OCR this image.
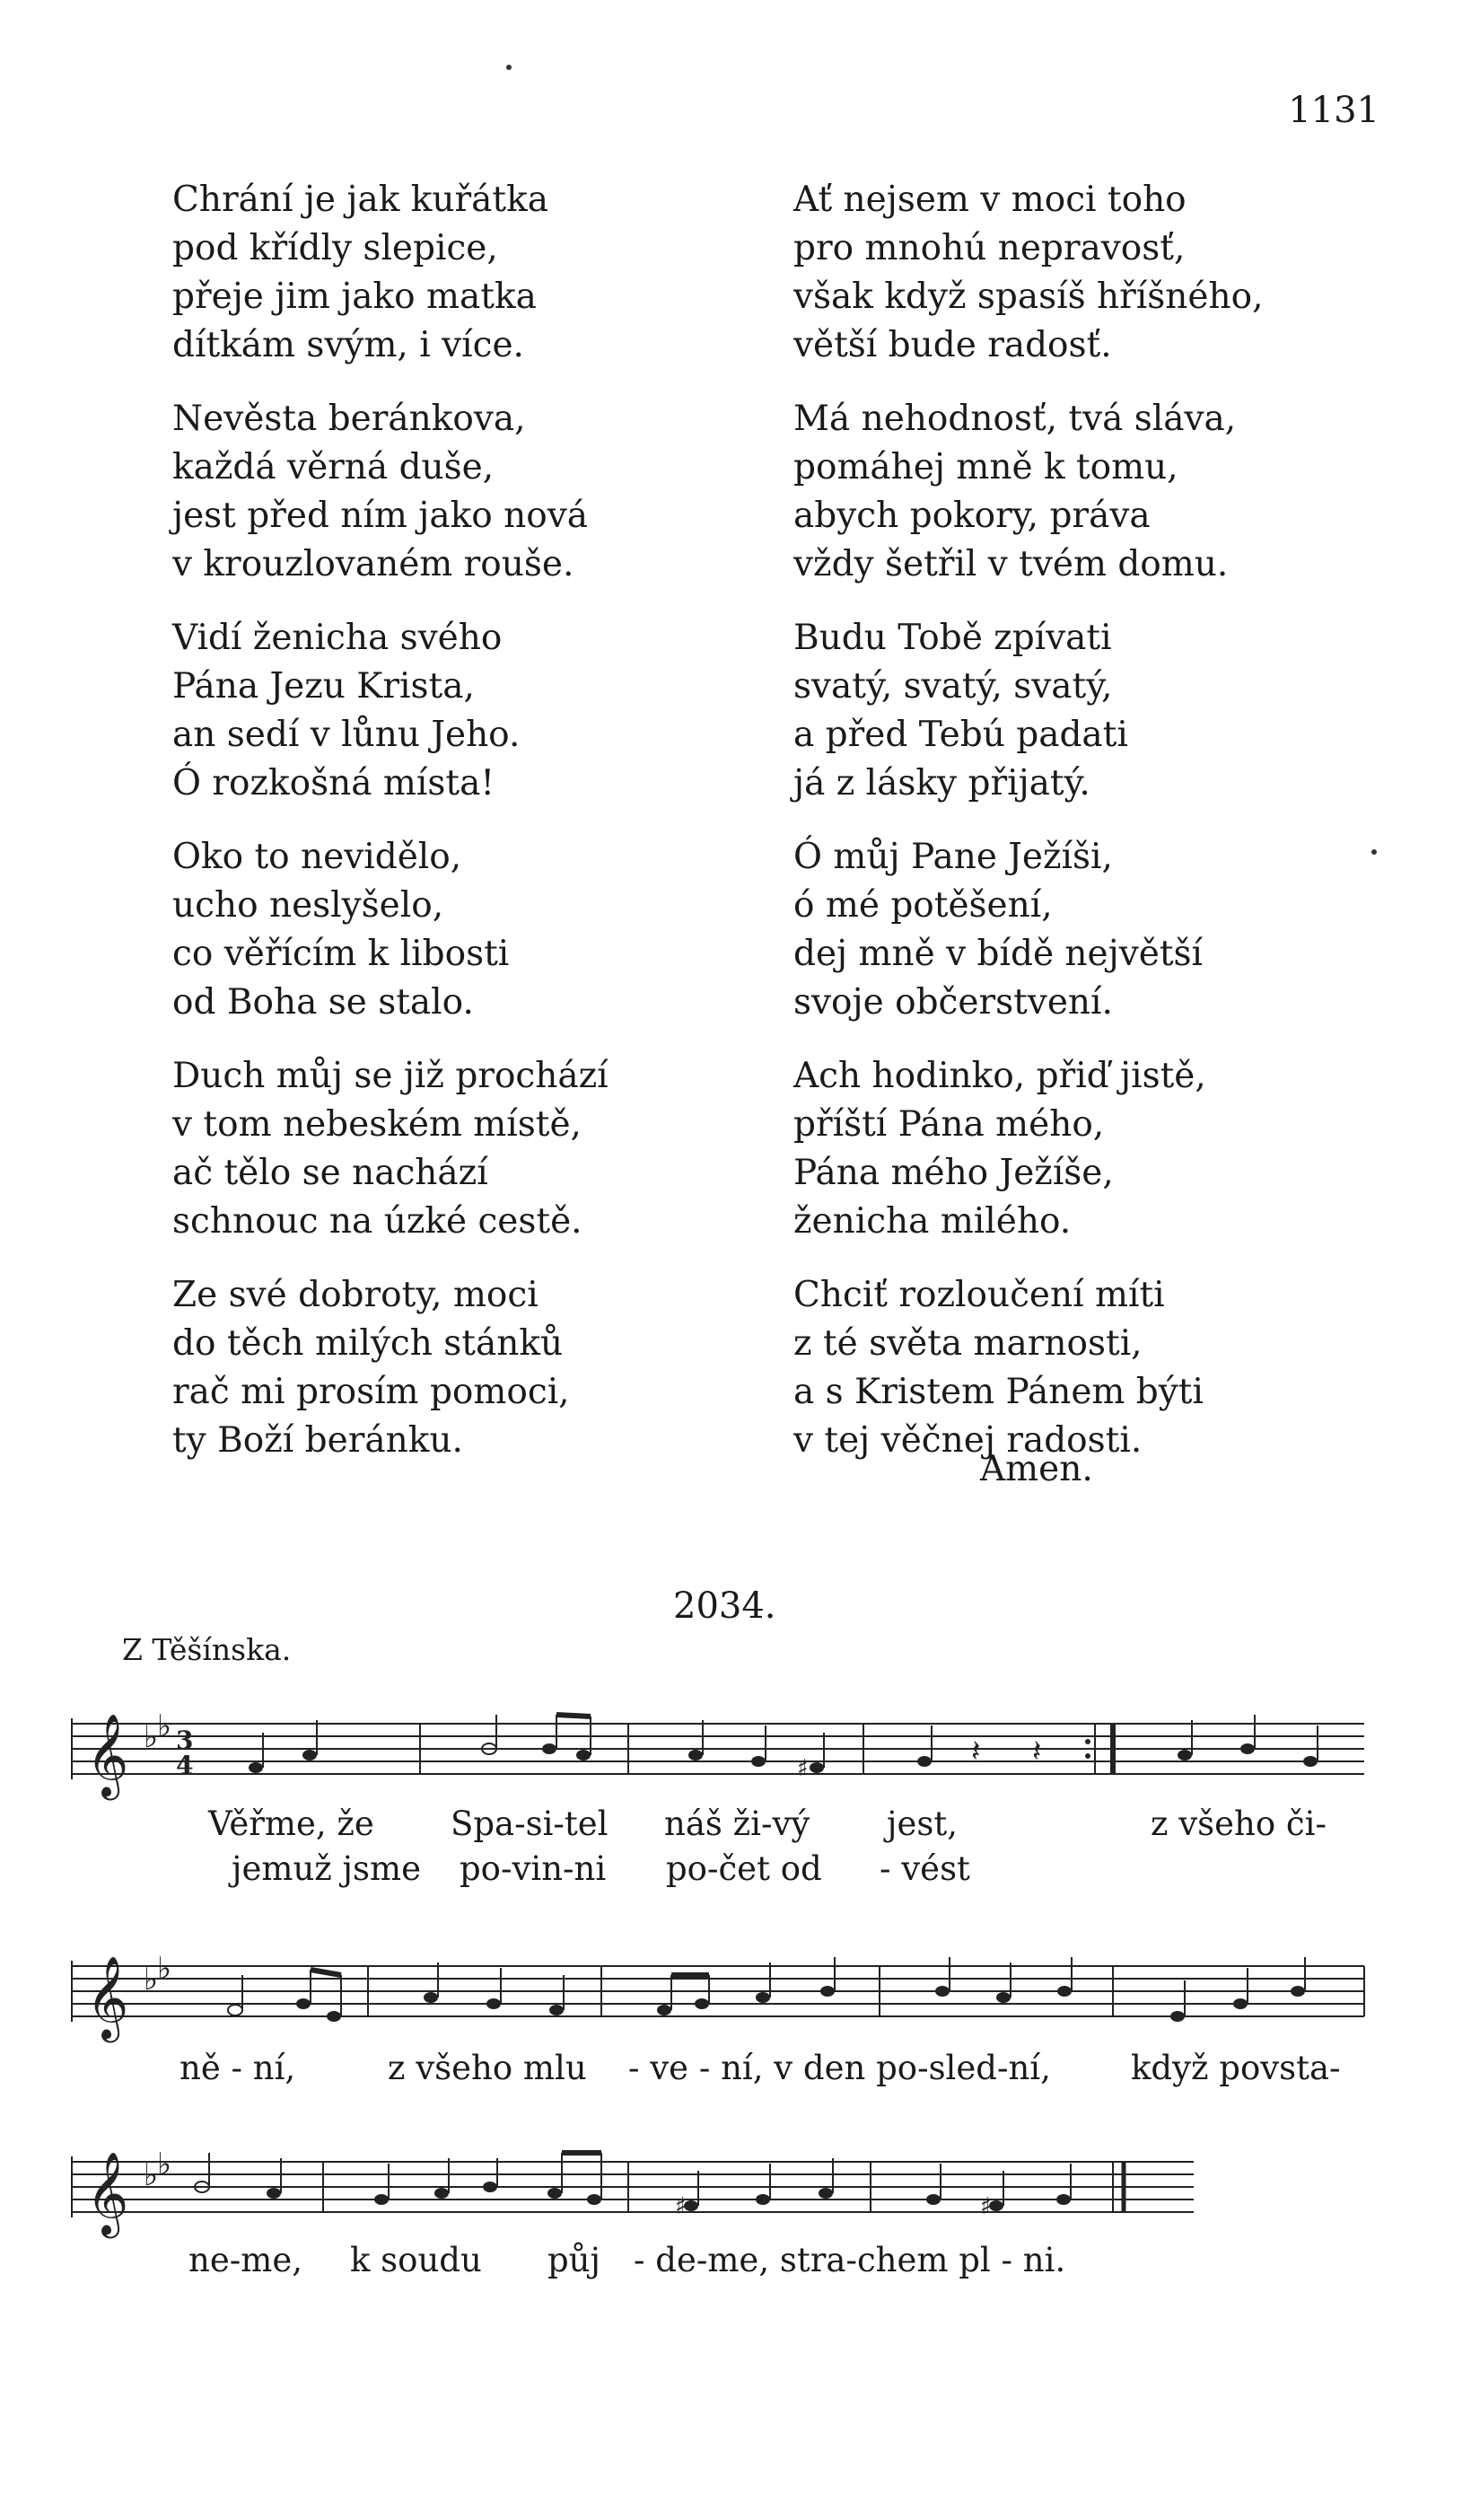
1131
Chrání je jak kuřátka
pod křídly slepice,
přeje jim jako matka
dítkám svým, i více.
Nevěsta beránkova,
každá věrná duše,
jest před ním jako nová
v krouzlovaném rouše.
Vidí ženicha svého
Pána Jezu Krista,
an sedí v lůnu Jeho.
Ó rozkošná místa!
Oko to nevidělo,
ucho neslyšelo,
co věřícím k libosti
od Boha se stalo.
Duch můj se již prochází
v tom nebeském místě,
ač tělo se nachází
schnouc na úzké cestě.
Ze své dobroty, moci
do těch milých stánků
rač mi prosím pomoci,
ty Boží beránku.
Ať nejsem v moci toho
pro mnohú nepravosť,
však když spasíš hříšného,
větší bude radosť.
Má nehodnosť, tvá sláva,
pomáhej mně k tomu,
abych pokory, práva
vždy šetřil v tvém domu.
Budu Tobě zpívati
svatý, svatý, svatý,
a před Tebú padati
já z lásky přijatý.
Ó můj Pane Ježíši,
ó mé potěšení,
dej mně v bídě největší
svoje občerstvení.
Ach hodinko, přiď jistě,
příští Pána mého,
Pána mého Ježíše,
ženicha milého.
Chciť rozloučení míti
z té světa marnosti,
a s Kristem Pánem býti
v tej věčnej radosti.
Amen.
2034.
Z Těšínska.
𝄞 ♭
♭ 3
4	♯	𝄽 𝄽
Věřme, že Spa-si-tel náš ži-vý jest,	z všeho či-
jemuž jsme po-vin-ni po-čet od - vést
𝄞 ♭
♭
ně - ní,	z všeho mlu - ve - ní, v den po-sled-ní, když povsta-
𝄞 ♭
♭
♯	♯
ne-me, k soudu půj - de-me, stra-chem pl - ni.
